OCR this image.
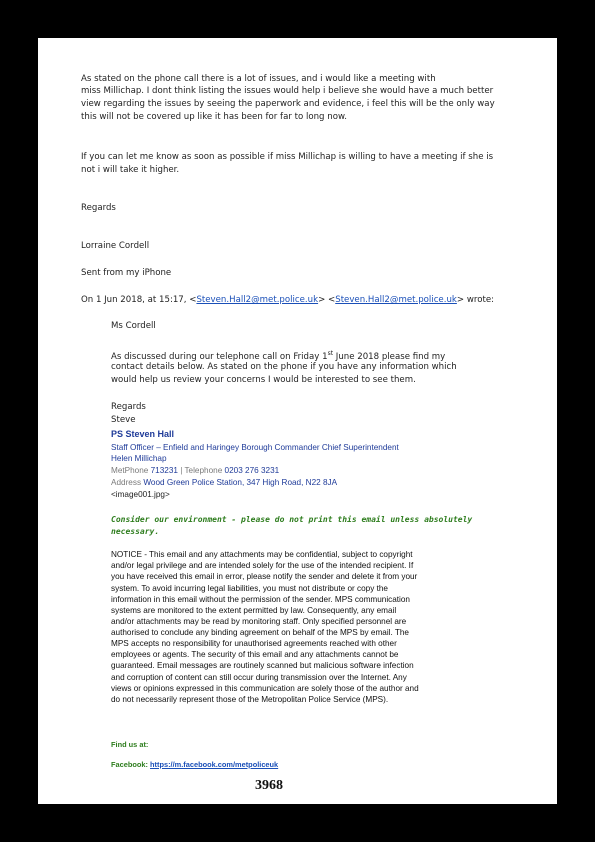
As stated on the phone call there is a lot of issues, and i would like a meeting with
miss Millichap. I dont think listing the issues would help i believe she would have a much better
view regarding the issues by seeing the paperwork and evidence, i feel this will be the only way
this will not be covered up like it has been for far to long now.
If you can let me know as soon as possible if miss Millichap is willing to have a meeting if she is
not i will take it higher.
Regards
Lorraine Cordell
Sent from my iPhone
On 1 Jun 2018, at 15:17, <Steven.Hall2@met.police.uk> <Steven.Hall2@met.police.uk> wrote:
Ms Cordell
As discussed during our telephone call on Friday 1st June 2018 please find my
contact details below. As stated on the phone if you have any information which
would help us review your concerns I would be interested to see them.
Regards
Steve
PS Steven Hall
Staff Officer – Enfield and Haringey Borough Commander Chief Superintendent
Helen Millichap
MetPhone 713231 | Telephone 0203 276 3231
Address Wood Green Police Station, 347 High Road, N22 8JA
<image001.jpg>
Consider our environment - please do not print this email unless absolutely
necessary.
NOTICE - This email and any attachments may be confidential, subject to copyright
and/or legal privilege and are intended solely for the use of the intended recipient. If
you have received this email in error, please notify the sender and delete it from your
system. To avoid incurring legal liabilities, you must not distribute or copy the
information in this email without the permission of the sender. MPS communication
systems are monitored to the extent permitted by law. Consequently, any email
and/or attachments may be read by monitoring staff. Only specified personnel are
authorised to conclude any binding agreement on behalf of the MPS by email. The
MPS accepts no responsibility for unauthorised agreements reached with other
employees or agents. The security of this email and any attachments cannot be
guaranteed. Email messages are routinely scanned but malicious software infection
and corruption of content can still occur during transmission over the Internet. Any
views or opinions expressed in this communication are solely those of the author and
do not necessarily represent those of the Metropolitan Police Service (MPS).
Find us at:
Facebook: https://m.facebook.com/metpoliceuk
3968
